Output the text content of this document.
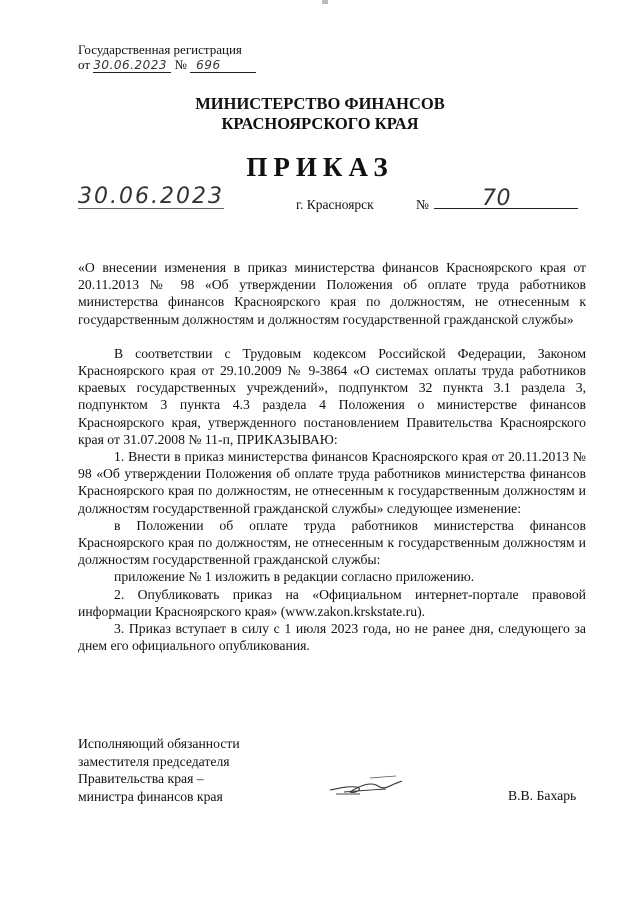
Государственная регистрация
от 30.06.2023 № 696
МИНИСТЕРСТВО ФИНАНСОВ
КРАСНОЯРСКОГО КРАЯ
ПРИКАЗ
30.06.2023	г. Красноярск	№ 70

«О внесении изменения в приказ министерства финансов Красноярского края от 20.11.2013 № 98 «Об утверждении Положения об оплате труда работников министерства финансов Красноярского края по должностям, не отнесенным к государственным должностям и должностям государственной гражданской службы»

В соответствии с Трудовым кодексом Российской Федерации, Законом Красноярского края от 29.10.2009 № 9-3864 «О системах оплаты труда работников краевых государственных учреждений», подпунктом 32 пункта 3.1 раздела 3, подпунктом 3 пункта 4.3 раздела 4 Положения о министерстве финансов Красноярского края, утвержденного постановлением Правительства Красноярского края от 31.07.2008 № 11-п, ПРИКАЗЫВАЮ:

1. Внести в приказ министерства финансов Красноярского края от 20.11.2013 № 98 «Об утверждении Положения об оплате труда работников министерства финансов Красноярского края по должностям, не отнесенным к государственным должностям и должностям государственной гражданской службы» следующее изменение:

в Положении об оплате труда работников министерства финансов Красноярского края по должностям, не отнесенным к государственным должностям и должностям государственной гражданской службы:

приложение № 1 изложить в редакции согласно приложению.

2. Опубликовать приказ на «Официальном интернет-портале правовой информации Красноярского края» (www.zakon.krskstate.ru).

3. Приказ вступает в силу с 1 июля 2023 года, но не ранее дня, следующего за днем его официального опубликования.

Исполняющий обязанности
заместителя председателя
Правительства края –
министра финансов края	В.В. Бахарь
